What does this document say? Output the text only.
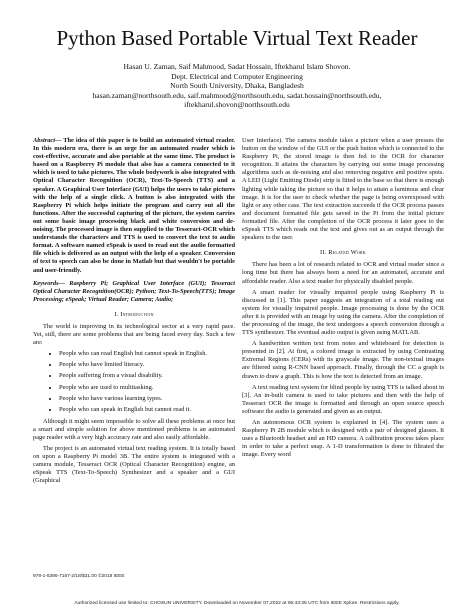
Python Based Portable Virtual Text Reader
Hasan U. Zaman, Saif Mahmood, Sadat Hossain, Iftekharul Islam Shovon.
Dept. Electrical and Computer Engineering
North South University, Dhaka, Bangladesh
hasan.zaman@northsouth.edu, saif.mahmood@northsouth.edu, sadat.hossain@northsouth.edu,
iftekharul.shovon@northsouth.edu
Abstract— The idea of this paper is to build an automated virtual reader. In this modern era, there is an urge for an automated reader which is cost-effective, accurate and also portable at the same time. The product is based on a Raspberry Pi module that also has a camera connected to it which is used to take pictures. The whole bodywork is also integrated with Optical Character Recognition (OCR), Text-To-Speech (TTS) and a speaker. A Graphical User Interface (GUI) helps the users to take pictures with the help of a single click. A button is also integrated with the Raspberry Pi which helps initiate the program and carry out all the functions. After the successful capturing of the picture, the system carries out some basic image processing black and white conversion and de-noising. The processed image is then supplied to the Tesseract-OCR which understands the characters and TTS is used to convert the text to audio format. A software named eSpeak is used to read out the audio formatted file which is delivered as an output with the help of a speaker. Conversion of text to speech can also be done in Matlab but that wouldn't be portable and user-friendly.
Keywords— Raspberry Pi; Graphical User Interface (GUI); Tesseract Optical Character Recognition(OCR); Python; Text-To-Speech(TTS); Image Processing; eSpeak; Virtual Reader; Camera; Audio;
I. Introduction

The world is improving in its technological sector at a very rapid pace. Yet, still, there are some problems that are being faced every day. Such a few are:

• People who can read English but cannot speak in English.
• People who have limited literacy.
• People suffering from a visual disability.
• People who are used to multitasking.
• People who have various learning types.
• People who can speak in English but cannot read it.

Although it might seem impossible to solve all these problems at once but a smart and simple solution for above mentioned problems is an automated page reader with a very high accuracy rate and also easily affordable.

The project is an automated virtual text reading system. It is totally based on upon a Raspberry Pi model 3B. The entire system is integrated with a camera module, Tesseract OCR (Optical Character Recognition) engine, an eSpeak TTS (Text-To-Speech) Synthesizer and a speaker and a GUI (Graphical

User Interface). The camera module takes a picture when a user presses the button on the window of the GUI or the push button which is connected to the Raspberry Pi, the stored image is then fed to the OCR for character recognition. It attains the characters by carrying out some image processing algorithms such as de-noising and also removing negative and positive spots. A LED (Light Emitting Diode) strip is fitted to the base so that there is enough lighting while taking the picture so that it helps to attain a luminous and clear image. It is for the user to check whether the page is being overexposed with light or any other case. The text extraction succeeds if the OCR process passes and document formatted file gets saved in the Pi from the initial picture formatted file. After the completion of the OCR process it later goes to the eSpeak TTS which reads out the text and gives out as an output through the speakers to the user.

II. Related Work

There has been a lot of research related to OCR and virtual reader since a long time but there has always been a need for an automated, accurate and affordable reader. Also a text reader for physically disabled people.

A smart reader for visually impaired people using Raspberry Pi is discussed in [1]. This paper suggests an integration of a total reading out system for visually impaired people. Image processing is done by the OCR after it is provided with an image by using the camera. After the completion of the processing of the image, the text undergoes a speech conversion through a TTS synthesizer. The eventual audio output is given using MATLAB.

A handwritten written text from notes and whiteboard for detection is presented in [2]. At first, a colored image is extracted by using Contrasting Extremal Regions (CERs) with its grayscale image. The non-textual images are filtered using R-CNN based approach. Finally, through the CC a graph is drawn to draw a graph. This is how the text is detected from an image.

A text reading text system for blind people by using TTS is talked about in [3]. An in-built camera is used to take pictures and then with the help of Tesseract OCR the image is formatted and through an open source speech software the audio is generated and given as an output.

An autonomous OCR system is explained in [4]. The system uses a Raspberry Pi 2B module which is designed with a pair of designed glasses. It uses a Bluetooth headset and an HD camera. A calibration process takes place in order to take a perfect snap. A 1-D transformation is done to filtrated the image. Every word

978-1-5386-7167-2/18/$31.00 ©2018 IEEE
Authorized licensed use limited to: CHOSUN UNIVERSITY. Downloaded on November 07,2022 at 06:43:35 UTC from IEEE Xplore. Restrictions apply.
